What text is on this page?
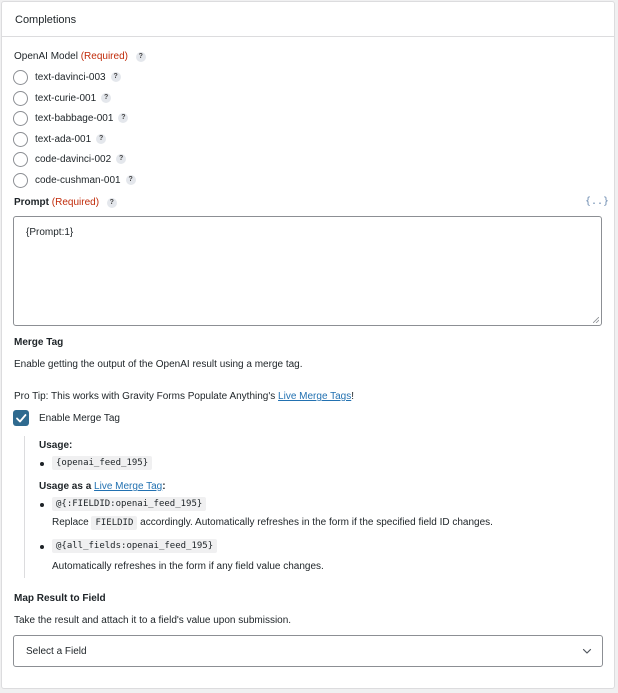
Completions
OpenAI Model (Required) ?
text-davinci-003	?
text-curie-001	?
text-babbage-001	?
text-ada-001	?
code-davinci-002	?
code-cushman-001	?
Prompt (Required) ?	{..}
{Prompt:1}
Merge Tag
Enable getting the output of the OpenAI result using a merge tag.
Pro Tip: This works with Gravity Forms Populate Anything's Live Merge Tags!
Enable Merge Tag
Usage:
{openai_feed_195}
Usage as a Live Merge Tag:
@{:FIELDID:openai_feed_195}
Replace FIELDID accordingly. Automatically refreshes in the form if the specified field ID changes.
@{all_fields:openai_feed_195}
Automatically refreshes in the form if any field value changes.
Map Result to Field
Take the result and attach it to a field's value upon submission.
Select a Field
